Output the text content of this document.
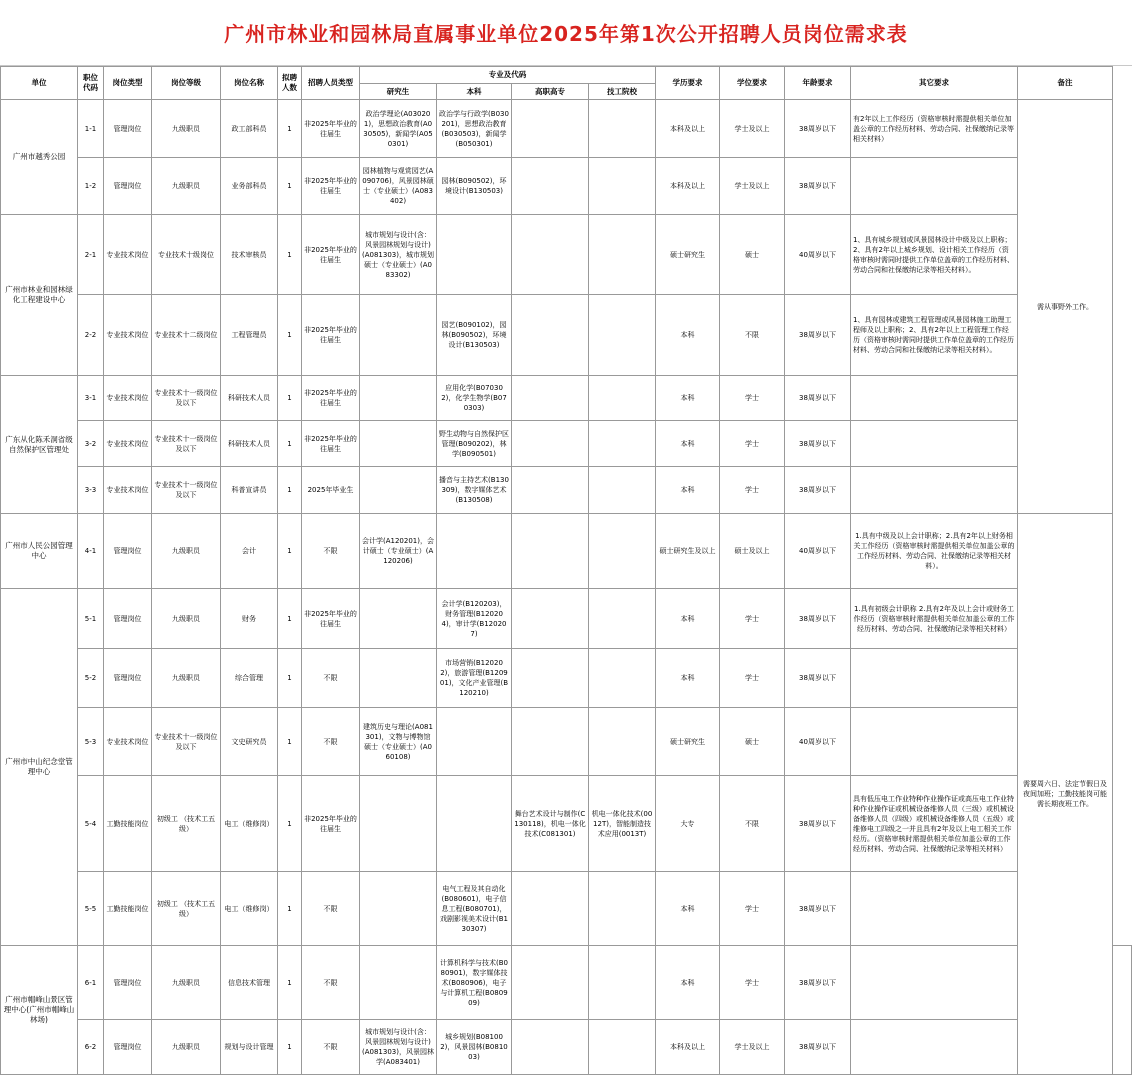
广州市林业和园林局直属事业单位2025年第1次公开招聘人员岗位需求表
单位	职位代码	岗位类型	岗位等级	岗位名称	拟聘人数	招聘人员类型	专业及代码				学历要求	学位要求	年龄要求	其它要求	备注	
							研究生	本科	高职高专	技工院校						
广州市越秀公园	1-1	管理岗位	九级职员	政工部科员	1	非2025年毕业的往届生	政治学理论(A030201)，思想政治教育(A030505)，新闻学(A050301)	政治学与行政学(B030201)，思想政治教育(B030503)，新闻学(B050301)			本科及以上	学士及以上	38周岁以下	有2年以上工作经历（资格审核时需提供相关单位加盖公章的工作经历材料、劳动合同、社保缴纳记录等相关材料）	需从事野外工作。	
	1-2	管理岗位	九级职员	业务部科员	1	非2025年毕业的往届生	园林植物与观赏园艺(A090706)，风景园林硕士（专业硕士）(A083402)	园林(B090502)，环境设计(B130503)			本科及以上	学士及以上	38周岁以下			
广州市林业和园林绿化工程建设中心	2-1	专业技术岗位	专业技术十级岗位	技术审核员	1	非2025年毕业的往届生	城市规划与设计(含：风景园林规划与设计)(A081303)，城市规划硕士（专业硕士）(A083302)				硕士研究生	硕士	40周岁以下	1、具有城乡规划或风景园林设计中级及以上职称；2、具有2年以上城乡规划、设计相关工作经历（资格审核时需同时提供工作单位盖章的工作经历材料、劳动合同和社保缴纳记录等相关材料）。		
	2-2	专业技术岗位	专业技术十二级岗位	工程管理员	1	非2025年毕业的往届生		园艺(B090102)，园林(B090502)，环境设计(B130503)			本科	不限	38周岁以下	1、具有园林或建筑工程管理或风景园林施工助理工程师及以上职称；2、具有2年以上工程管理工作经历（资格审核时需同时提供工作单位盖章的工作经历材料、劳动合同和社保缴纳记录等相关材料）。		
广东从化陈禾洞省级自然保护区管理处	3-1	专业技术岗位	专业技术十一级岗位及以下	科研技术人员	1	非2025年毕业的往届生		应用化学(B070302)，化学生物学(B070303)			本科	学士	38周岁以下			
	3-2	专业技术岗位	专业技术十一级岗位及以下	科研技术人员	1	非2025年毕业的往届生		野生动物与自然保护区管理(B090202)，林学(B090501)			本科	学士	38周岁以下			
	3-3	专业技术岗位	专业技术十一级岗位及以下	科普宣讲员	1	2025年毕业生		播音与主持艺术(B130309)，数字媒体艺术(B130508)			本科	学士	38周岁以下			
广州市人民公园管理中心	4-1	管理岗位	九级职员	会计	1	不限	会计学(A120201)，会计硕士（专业硕士）(A120206)				硕士研究生及以上	硕士及以上	40周岁以下	1.具有中级及以上会计职称；2.具有2年以上财务相关工作经历（资格审核时需提供相关单位加盖公章的工作经历材料、劳动合同、社保缴纳记录等相关材料）。	需要周六日、法定节假日及夜间加班；工勤技能岗可能需长期夜班工作。	
广州市中山纪念堂管理中心	5-1	管理岗位	九级职员	财务	1	非2025年毕业的往届生		会计学(B120203)，财务管理(B120204)，审计学(B120207)			本科	学士	38周岁以下	1.具有初级会计职称 2.具有2年及以上会计或财务工作经历（资格审核时需提供相关单位加盖公章的工作经历材料、劳动合同、社保缴纳记录等相关材料）		
	5-2	管理岗位	九级职员	综合管理	1	不限		市场营销(B120202)，旅游管理(B120901)，文化产业管理(B120210)			本科	学士	38周岁以下			
	5-3	专业技术岗位	专业技术十一级岗位及以下	文史研究员	1	不限	建筑历史与理论(A081301)，文物与博物馆硕士（专业硕士）(A060108)				硕士研究生	硕士	40周岁以下			
	5-4	工勤技能岗位	初级工 （技术工五级）	电工（维修岗）	1	非2025年毕业的往届生			舞台艺术设计与制作(C130118)，机电一体化技术(C081301)	机电一体化技术(0012T)，智能制造技术应用(0013T)	大专	不限	38周岁以下	具有低压电工作业特种作业操作证或高压电工作业特种作业操作证或机械设备维修人员（三级）或机械设备维修人员（四级）或机械设备维修人员（五级）或维修电工四级之一并且具有2年及以上电工相关工作经历。（资格审核时需提供相关单位加盖公章的工作经历材料、劳动合同、社保缴纳记录等相关材料）		
	5-5	工勤技能岗位	初级工 （技术工五级）	电工（维修岗）	1	不限		电气工程及其自动化(B080601)，电子信息工程(B080701)，戏剧影视美术设计(B130307)			本科	学士	38周岁以下			
广州市帽峰山景区管理中心(广州市帽峰山林场)	6-1	管理岗位	九级职员	信息技术管理	1	不限		计算机科学与技术(B080901)，数字媒体技术(B080906)，电子与计算机工程(B080909)			本科	学士	38周岁以下			
	6-2	管理岗位	九级职员	规划与设计管理	1	不限	城市规划与设计(含：风景园林规划与设计)(A081303)，风景园林学(A083401)	城乡规划(B081002)，风景园林(B081003)			本科及以上	学士及以上	38周岁以下			
